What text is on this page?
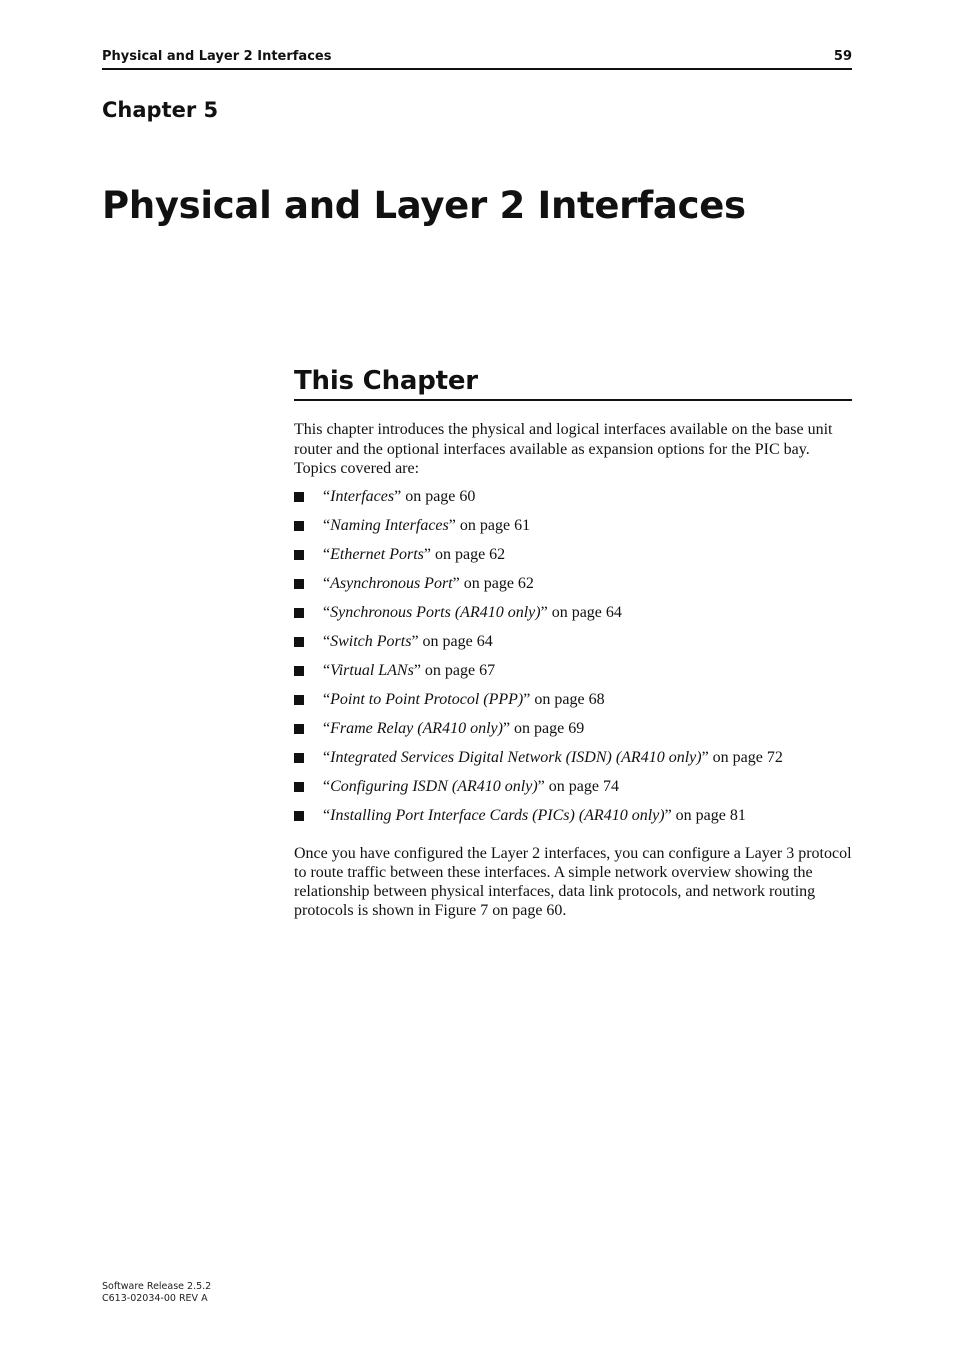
Physical and Layer 2 Interfaces	59
Chapter 5
Physical and Layer 2 Interfaces
This Chapter

This chapter introduces the physical and logical interfaces available on the base unit router and the optional interfaces available as expansion options for the PIC bay. Topics covered are:

“Interfaces” on page 60
“Naming Interfaces” on page 61
“Ethernet Ports” on page 62
“Asynchronous Port” on page 62
“Synchronous Ports (AR410 only)” on page 64
“Switch Ports” on page 64
“Virtual LANs” on page 67
“Point to Point Protocol (PPP)” on page 68
“Frame Relay (AR410 only)” on page 69
“Integrated Services Digital Network (ISDN) (AR410 only)” on page 72
“Configuring ISDN (AR410 only)” on page 74
“Installing Port Interface Cards (PICs) (AR410 only)” on page 81

Once you have configured the Layer 2 interfaces, you can configure a Layer 3 protocol to route traffic between these interfaces. A simple network overview showing the relationship between physical interfaces, data link protocols, and network routing protocols is shown in Figure 7 on page 60.

Software Release 2.5.2
C613-02034-00 REV A
